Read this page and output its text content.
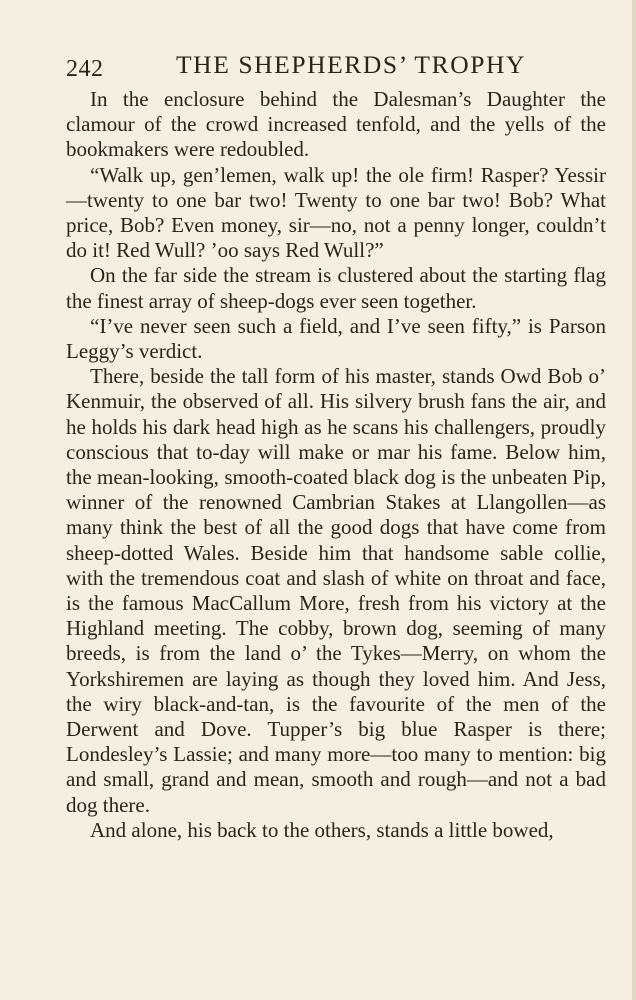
242	THE SHEPHERDS’ TROPHY

In the enclosure behind the Dalesman’s Daughter the clamour of the crowd increased tenfold, and the yells of the bookmakers were redoubled.

“Walk up, gen’lemen, walk up! the ole firm! Rasper? Yessir—twenty to one bar two! Twenty to one bar two! Bob? What price, Bob? Even money, sir—no, not a penny longer, couldn’t do it! Red Wull? ’oo says Red Wull?”

On the far side the stream is clustered about the starting flag the finest array of sheep-dogs ever seen together.

“I’ve never seen such a field, and I’ve seen fifty,” is Parson Leggy’s verdict.

There, beside the tall form of his master, stands Owd Bob o’ Kenmuir, the observed of all. His silvery brush fans the air, and he holds his dark head high as he scans his challengers, proudly conscious that to-day will make or mar his fame. Below him, the mean-looking, smooth-coated black dog is the unbeaten Pip, winner of the renowned Cambrian Stakes at Llangollen—as many think the best of all the good dogs that have come from sheep-dotted Wales. Beside him that handsome sable collie, with the tremendous coat and slash of white on throat and face, is the famous MacCallum More, fresh from his victory at the Highland meeting. The cobby, brown dog, seeming of many breeds, is from the land o’ the Tykes—Merry, on whom the Yorkshiremen are laying as though they loved him. And Jess, the wiry black-and-tan, is the favourite of the men of the Derwent and Dove. Tupper’s big blue Rasper is there; Londesley’s Lassie; and many more—too many to mention: big and small, grand and mean, smooth and rough—and not a bad dog there.

And alone, his back to the others, stands a little bowed,
